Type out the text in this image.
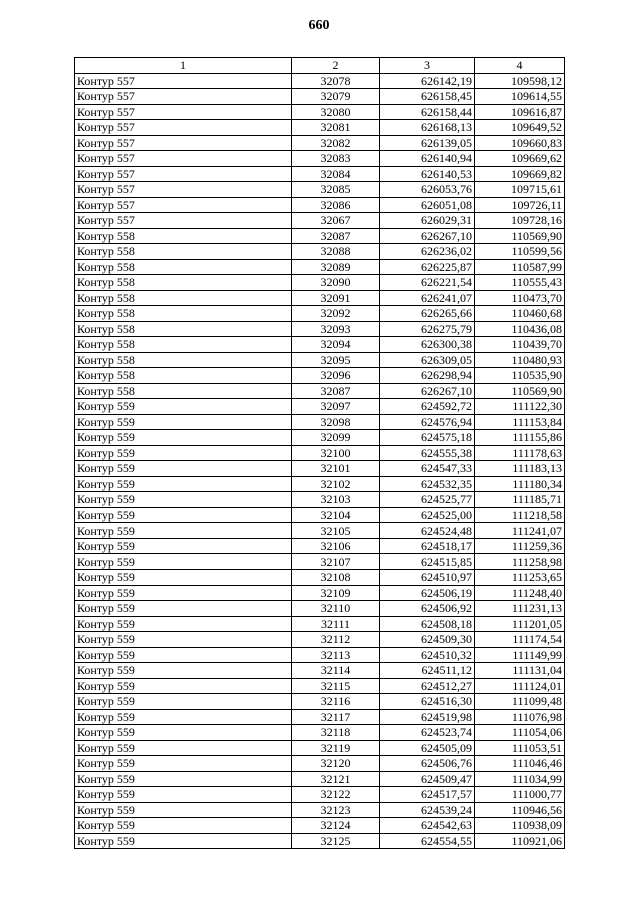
660
1	2	3	4
Контур 557	32078	626142,19	109598,12
Контур 557	32079	626158,45	109614,55
Контур 557	32080	626158,44	109616,87
Контур 557	32081	626168,13	109649,52
Контур 557	32082	626139,05	109660,83
Контур 557	32083	626140,94	109669,62
Контур 557	32084	626140,53	109669,82
Контур 557	32085	626053,76	109715,61
Контур 557	32086	626051,08	109726,11
Контур 557	32067	626029,31	109728,16
Контур 558	32087	626267,10	110569,90
Контур 558	32088	626236,02	110599,56
Контур 558	32089	626225,87	110587,99
Контур 558	32090	626221,54	110555,43
Контур 558	32091	626241,07	110473,70
Контур 558	32092	626265,66	110460,68
Контур 558	32093	626275,79	110436,08
Контур 558	32094	626300,38	110439,70
Контур 558	32095	626309,05	110480,93
Контур 558	32096	626298,94	110535,90
Контур 558	32087	626267,10	110569,90
Контур 559	32097	624592,72	111122,30
Контур 559	32098	624576,94	111153,84
Контур 559	32099	624575,18	111155,86
Контур 559	32100	624555,38	111178,63
Контур 559	32101	624547,33	111183,13
Контур 559	32102	624532,35	111180,34
Контур 559	32103	624525,77	111185,71
Контур 559	32104	624525,00	111218,58
Контур 559	32105	624524,48	111241,07
Контур 559	32106	624518,17	111259,36
Контур 559	32107	624515,85	111258,98
Контур 559	32108	624510,97	111253,65
Контур 559	32109	624506,19	111248,40
Контур 559	32110	624506,92	111231,13
Контур 559	32111	624508,18	111201,05
Контур 559	32112	624509,30	111174,54
Контур 559	32113	624510,32	111149,99
Контур 559	32114	624511,12	111131,04
Контур 559	32115	624512,27	111124,01
Контур 559	32116	624516,30	111099,48
Контур 559	32117	624519,98	111076,98
Контур 559	32118	624523,74	111054,06
Контур 559	32119	624505,09	111053,51
Контур 559	32120	624506,76	111046,46
Контур 559	32121	624509,47	111034,99
Контур 559	32122	624517,57	111000,77
Контур 559	32123	624539,24	110946,56
Контур 559	32124	624542,63	110938,09
Контур 559	32125	624554,55	110921,06
